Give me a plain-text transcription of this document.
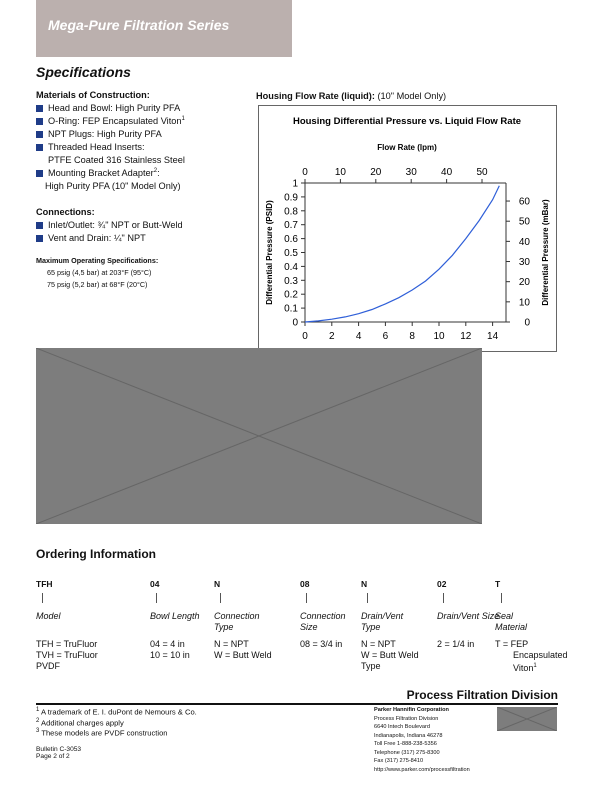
Mega-Pure Filtration Series
Specifications
Materials of Construction:
Head and Bowl: High Purity PFA
O-Ring: FEP Encapsulated Viton$^1$
NPT Plugs: High Purity PFA
Threaded Head Inserts:
PTFE Coated 316 Stainless Steel
Mounting Bracket Adapter$^2$ :
High Purity PFA (10" Model Only)
Connections:
Inlet/Outlet: ¾" NPT or Butt-Weld
Vent and Drain: ¼" NPT
Maximum Operating Specifications:
65 psig (4,5 bar) at 203°F (95°C)
75 psig (5,2 bar) at 68°F (20°C)
Housing Flow Rate (liquid): (10" Model Only)
Housing Differential Pressure vs. Liquid Flow Rate
Flow Rate (lpm)
0
0.1
0.2
0.3
0.4
0.5
0.6
0.7
0.8
0.9
1
0
10
20
30
40
50
60
0 2 4 6 8 10 12 14
0	10 20 30 40 50
Differential Pressure (PSID)	Differential Pressure (mBar)
Ordering Information
TFH
Model
TFH = TruFluor
TVH = TruFluor PVDF
04
Bowl Length
04 = 4 in
10 = 10 in
N
Connection Type
N = NPT
W = Butt Weld
08
Connection Size
08 = 3/4 in
N
Drain/Vent Type
N = NPT
W = Butt Weld Type
02
Drain/Vent Size
2 = 1/4 in
T
Seal Material
T = FEP
Encapsulated Viton$^1$
Process Filtration Division
$^1$ A trademark of E. I. duPont de Nemours & Co.
$^2$ Additional charges apply
$^3$ These models are PVDF construction
Bulletin C-3053
Page 2 of 2
Parker Hannifin Corporation
Process Filtration Division
6640 Intech Boulevard
Indianapolis, Indiana 46278
Toll Free 1-888-238-5356
Telephone (317) 275-8300
Fax (317) 275-8410
http://www.parker.com/processfiltration
